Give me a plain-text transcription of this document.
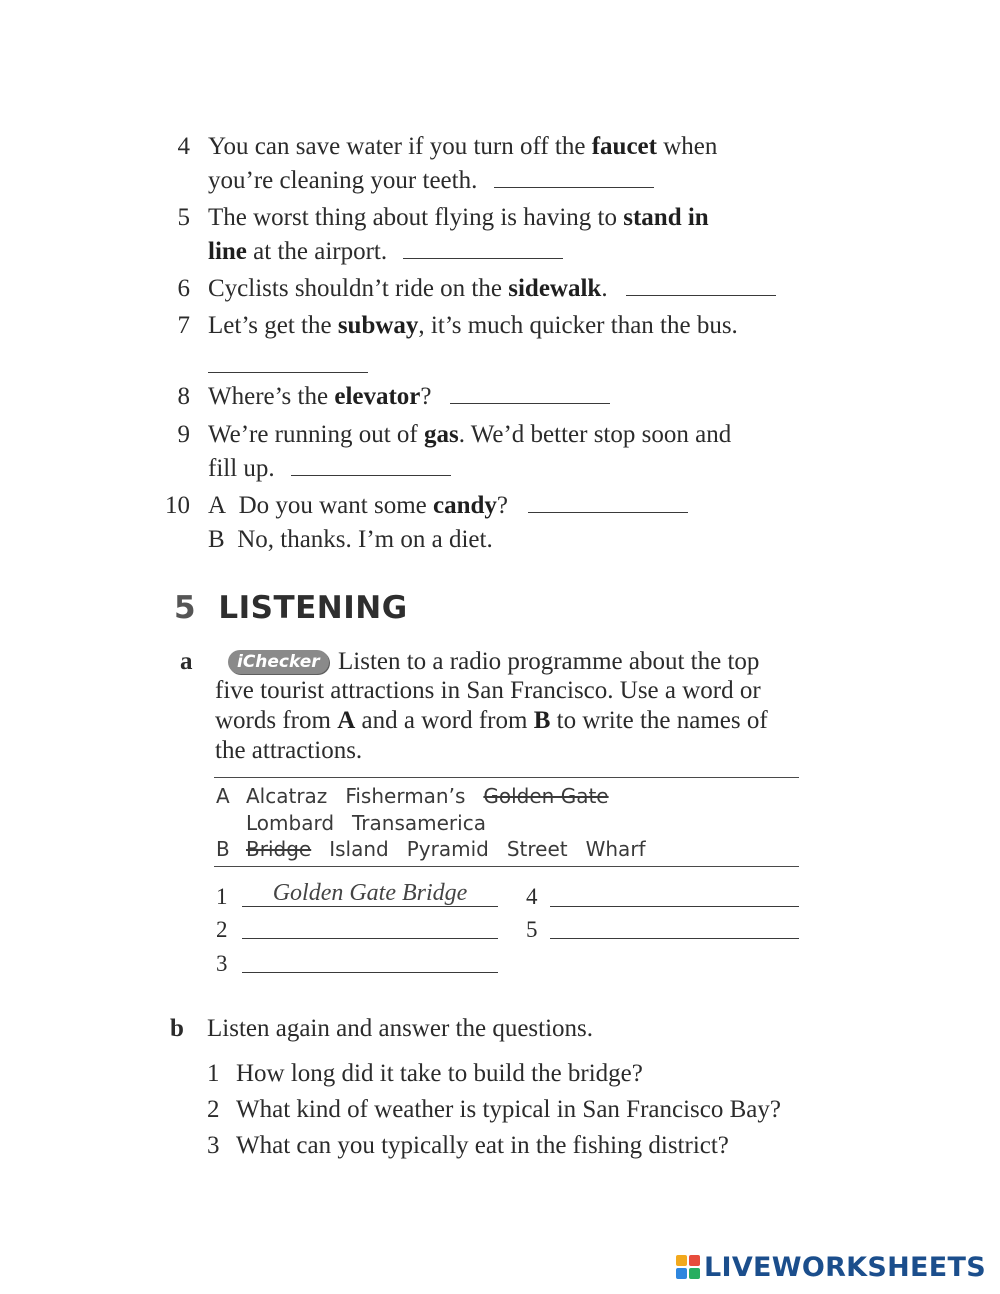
4 You can save water if you turn off the faucet when
you’re cleaning your teeth.
5 The worst thing about flying is having to stand in
line at the airport.
6 Cyclists shouldn’t ride on the sidewalk.
7 Let’s get the subway, it’s much quicker than the bus.
8 Where’s the elevator?
9 We’re running out of gas. We’d better stop soon and
fill up.
10 A Do you want some candy?
B No, thanks. I’m on a diet.
5 LISTENING
a	iChecker Listen to a radio programme about the top
five tourist attractions in San Francisco. Use a word or
words from A and a word from B to write the names of
the attractions.
A Alcatraz Fisherman’s Golden Gate
Lombard Transamerica
B Bridge Island Pyramid Street Wharf
1	Golden Gate Bridge
2
3
4
5
b Listen again and answer the questions.
1 How long did it take to build the bridge?
2 What kind of weather is typical in San Francisco Bay?
3 What can you typically eat in the fishing district?
LIVEWORKSHEETS
